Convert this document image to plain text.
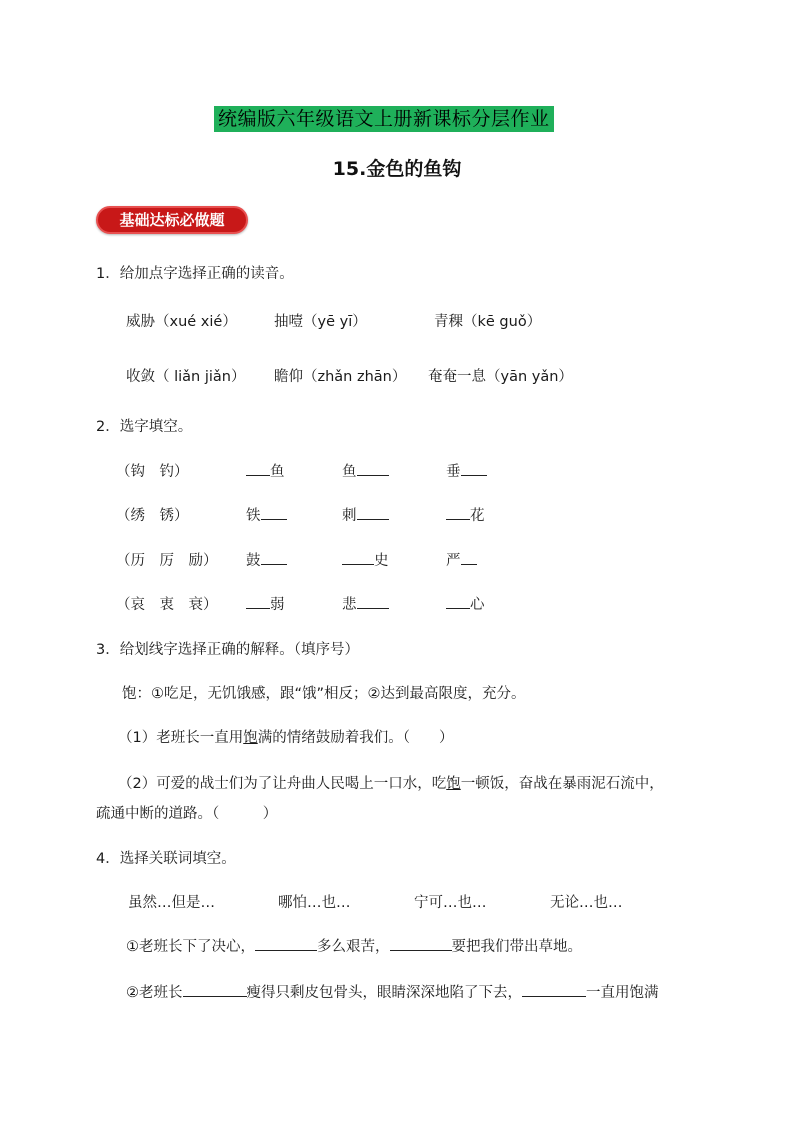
统编版六年级语文上册新课标分层作业
15.金色的鱼钩
基础达标必做题
1．给加点字选择正确的读音。
威胁（xué xié）	抽噎（yē yī）	青稞（kē guǒ）
收敛（ liǎn jiǎn） 瞻仰（zhǎn zhān） 奄奄一息（yān yǎn）
2．选字填空。
（钩　钓）	鱼	鱼	垂
（绣　锈）	铁	刺	花
（历　厉　励） 鼓	史	严
（哀　衷　衰）	弱	悲	心
3．给划线字选择正确的解释。（填序号）
饱：①吃足，无饥饿感，跟“饿”相反；②达到最高限度，充分。
（1）老班长一直用饱满的情绪鼓励着我们。（　　）
（2）可爱的战士们为了让舟曲人民喝上一口水，吃饱一顿饭，奋战在暴雨泥石流中，
疏通中断的道路。（　　　）
4．选择关联词填空。
虽然…但是…	哪怕…也…	宁可…也…	无论…也…
①老班长下了决心，	多么艰苦，	要把我们带出草地。
②老班长	瘦得只剩皮包骨头，眼睛深深地陷了下去，	一直用饱满
